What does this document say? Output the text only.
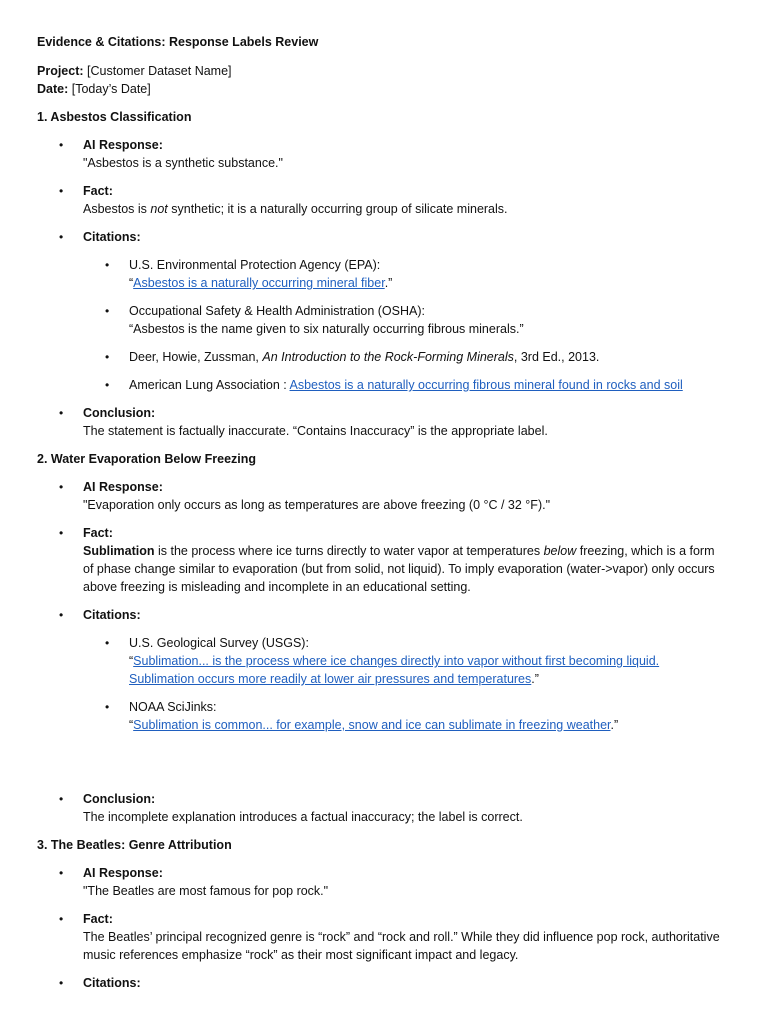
Evidence & Citations: Response Labels Review
Project: [Customer Dataset Name]
Date: [Today’s Date]
1. Asbestos Classification
• AI Response:
"Asbestos is a synthetic substance."
• Fact:
Asbestos is not synthetic; it is a naturally occurring group of silicate minerals.
• Citations:
• U.S. Environmental Protection Agency (EPA):
“Asbestos is a naturally occurring mineral fiber.”
• Occupational Safety & Health Administration (OSHA):
“Asbestos is the name given to six naturally occurring fibrous minerals.”
• Deer, Howie, Zussman, An Introduction to the Rock-Forming Minerals, 3rd Ed., 2013.
• American Lung Association : Asbestos is a naturally occurring fibrous mineral found in rocks and soil
• Conclusion:
The statement is factually inaccurate. “Contains Inaccuracy” is the appropriate label.
2. Water Evaporation Below Freezing
• AI Response:
"Evaporation only occurs as long as temperatures are above freezing (0 °C / 32 °F)."
• Fact:
Sublimation is the process where ice turns directly to water vapor at temperatures below freezing, which is a form of phase change similar to evaporation (but from solid, not liquid). To imply evaporation (water->vapor) only occurs above freezing is misleading and incomplete in an educational setting.
• Citations:
• U.S. Geological Survey (USGS):
“Sublimation... is the process where ice changes directly into vapor without first becoming liquid. Sublimation occurs more readily at lower air pressures and temperatures.”
• NOAA SciJinks:
“Sublimation is common... for example, snow and ice can sublimate in freezing weather.”
• Conclusion:
The incomplete explanation introduces a factual inaccuracy; the label is correct.
3. The Beatles: Genre Attribution
• AI Response:
"The Beatles are most famous for pop rock."
• Fact:
The Beatles’ principal recognized genre is “rock” and “rock and roll.” While they did influence pop rock, authoritative music references emphasize “rock” as their most significant impact and legacy.
• Citations:
